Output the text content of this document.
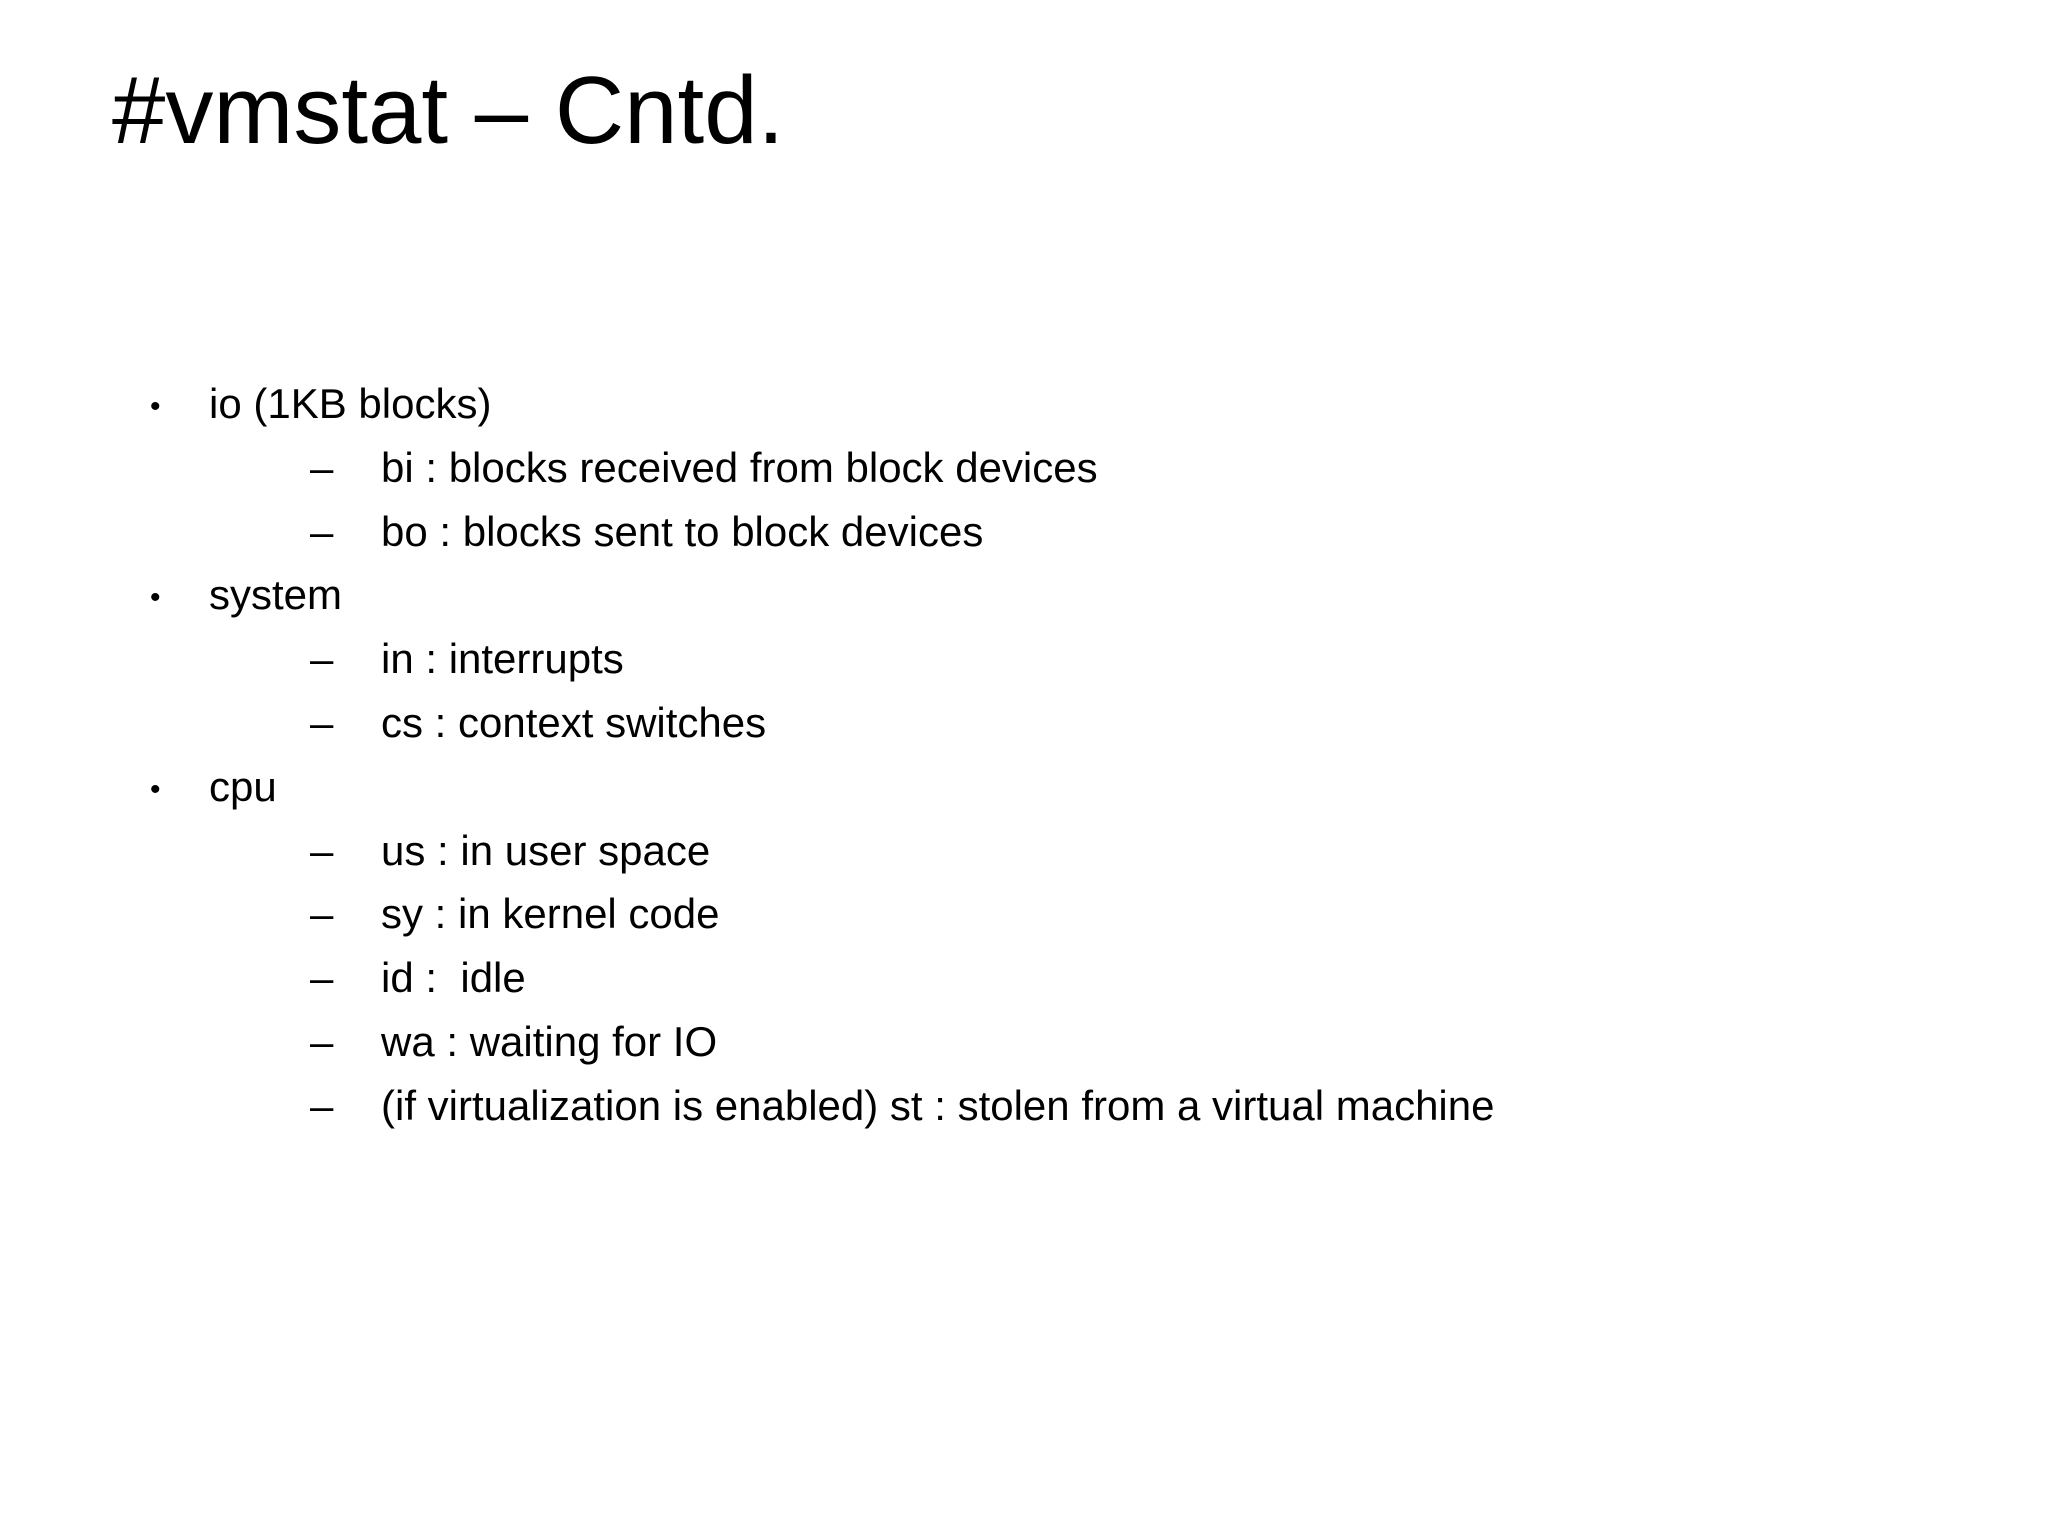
#vmstat – Cntd.

•

io (1KB blocks)

–

bi : blocks received from block devices

–

bo : blocks sent to block devices

•

system

–

in : interrupts

–

cs : context switches

•

cpu

–

us : in user space

–

sy : in kernel code

–

id :  idle

–

wa : waiting for IO

–

(if virtualization is enabled) st : stolen from a virtual machine
